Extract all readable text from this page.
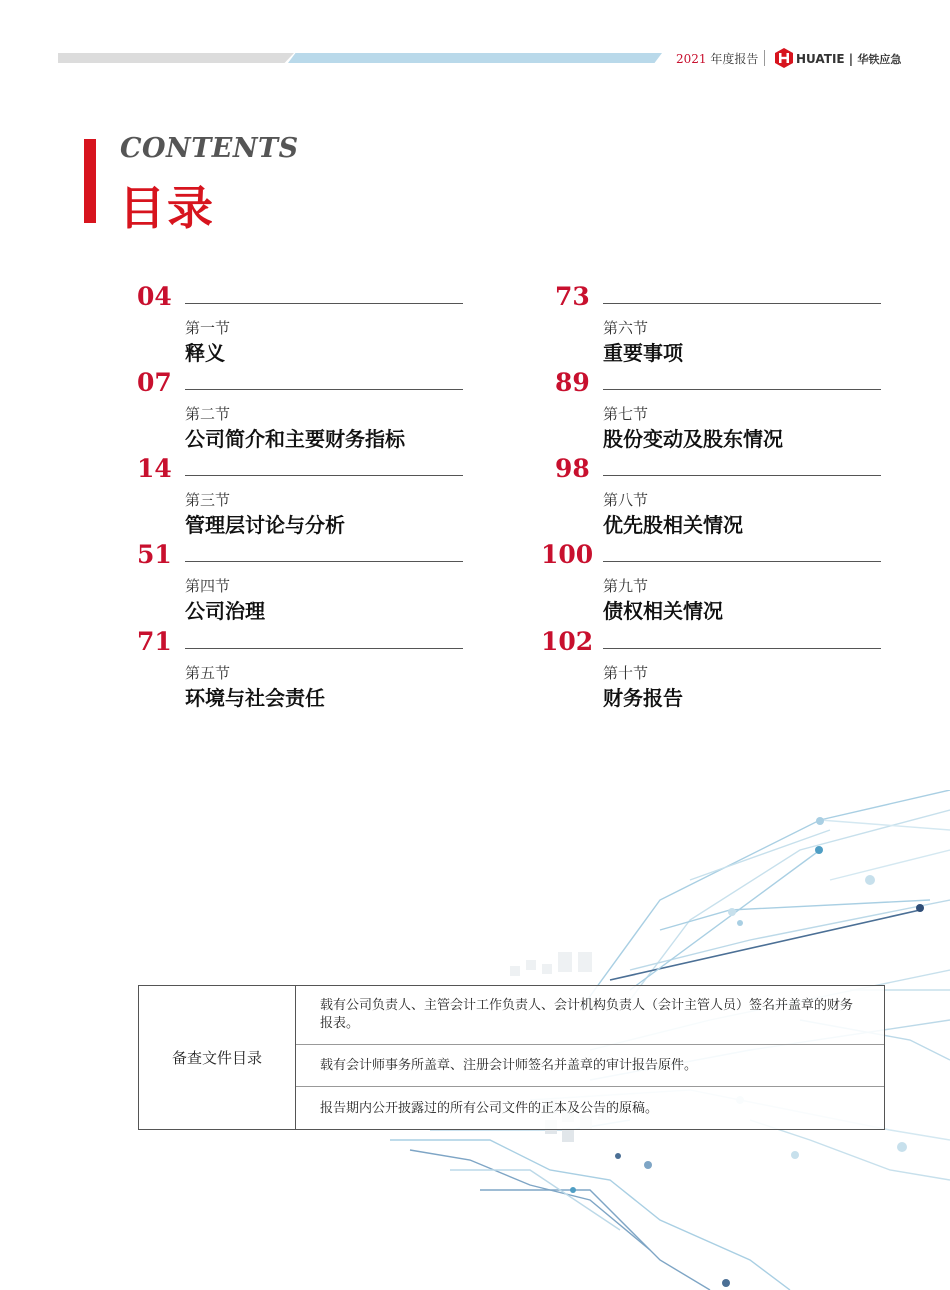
2021 年度报告	HUATIE | 华铁应急
CONTENTS
目录
04
第一节
释义
07
第二节
公司简介和主要财务指标
14
第三节
管理层讨论与分析
51
第四节
公司治理
71
第五节
环境与社会责任
73
第六节
重要事项
89
第七节
股份变动及股东情况
98
第八节
优先股相关情况
100
第九节
债权相关情况
102
第十节
财务报告
备查文件目录
载有公司负责人、主管会计工作负责人、会计机构负责人（会计主管人员）签名并盖章的财务报表。
载有会计师事务所盖章、注册会计师签名并盖章的审计报告原件。
报告期内公开披露过的所有公司文件的正本及公告的原稿。
